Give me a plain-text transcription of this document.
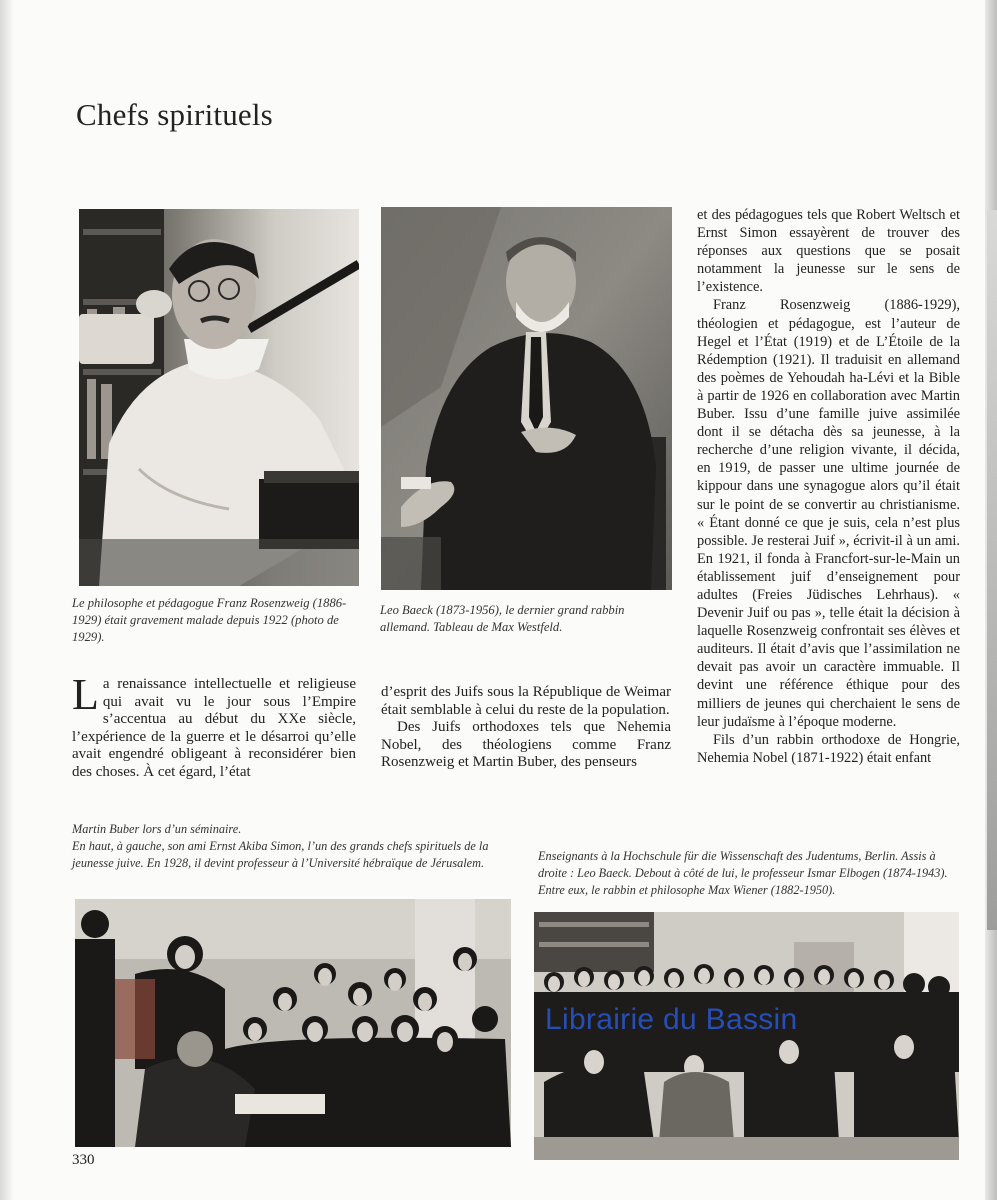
Chefs spirituels
Le philosophe et pédagogue Franz Rosenzweig (1886-1929) était gravement malade depuis 1922 (photo de 1929).
Leo Baeck (1873-1956), le dernier grand rabbin allemand. Tableau de Max Westfeld.

La renaissance intellectuelle et religieuse qui avait vu le jour sous l’Empire s’accentua au début du XXe siècle, l’expérience de la guerre et le désarroi qu’elle avait engendré obligeant à reconsidérer bien des choses. À cet égard, l’état

d’esprit des Juifs sous la République de Weimar était semblable à celui du reste de la population.

Des Juifs orthodoxes tels que Nehemia Nobel, des théologiens comme Franz Rosenzweig et Martin Buber, des penseurs

et des pédagogues tels que Robert Weltsch et Ernst Simon essayèrent de trouver des réponses aux questions que se posait notamment la jeunesse sur le sens de l’existence.

Franz Rosenzweig (1886-1929), théologien et pédagogue, est l’auteur de Hegel et l’État (1919) et de L’Étoile de la Rédemption (1921). Il traduisit en allemand des poèmes de Yehoudah ha-Lévi et la Bible à partir de 1926 en collaboration avec Martin Buber. Issu d’une famille juive assimilée dont il se détacha dès sa jeunesse, à la recherche d’une religion vivante, il décida, en 1919, de passer une ultime journée de kippour dans une synagogue alors qu’il était sur le point de se convertir au christianisme. « Étant donné ce que je suis, cela n’est plus possible. Je resterai Juif », écrivit-il à un ami. En 1921, il fonda à Francfort-sur-le-Main un établissement juif d’enseignement pour adultes (Freies Jüdisches Lehrhaus). « Devenir Juif ou pas », telle était la décision à laquelle Rosenzweig confrontait ses élèves et auditeurs. Il était d’avis que l’assimilation ne devait pas avoir un caractère immuable. Il devint une référence éthique pour des milliers de jeunes qui cherchaient le sens de leur judaïsme à l’époque moderne.

Fils d’un rabbin orthodoxe de Hongrie, Nehemia Nobel (1871-1922) était enfant

Martin Buber lors d’un séminaire.
En haut, à gauche, son ami Ernst Akiba Simon, l’un des grands chefs spirituels de la jeunesse juive. En 1928, il devint professeur à l’Université hébraïque de Jérusalem.	Enseignants à la Hochschule für die Wissenschaft des Judentums, Berlin. Assis à droite : Leo Baeck. Debout à côté de lui, le professeur Ismar Elbogen (1874-1943). Entre eux, le rabbin et philosophe Max Wiener (1882-1950).
Librairie du Bassin
330
